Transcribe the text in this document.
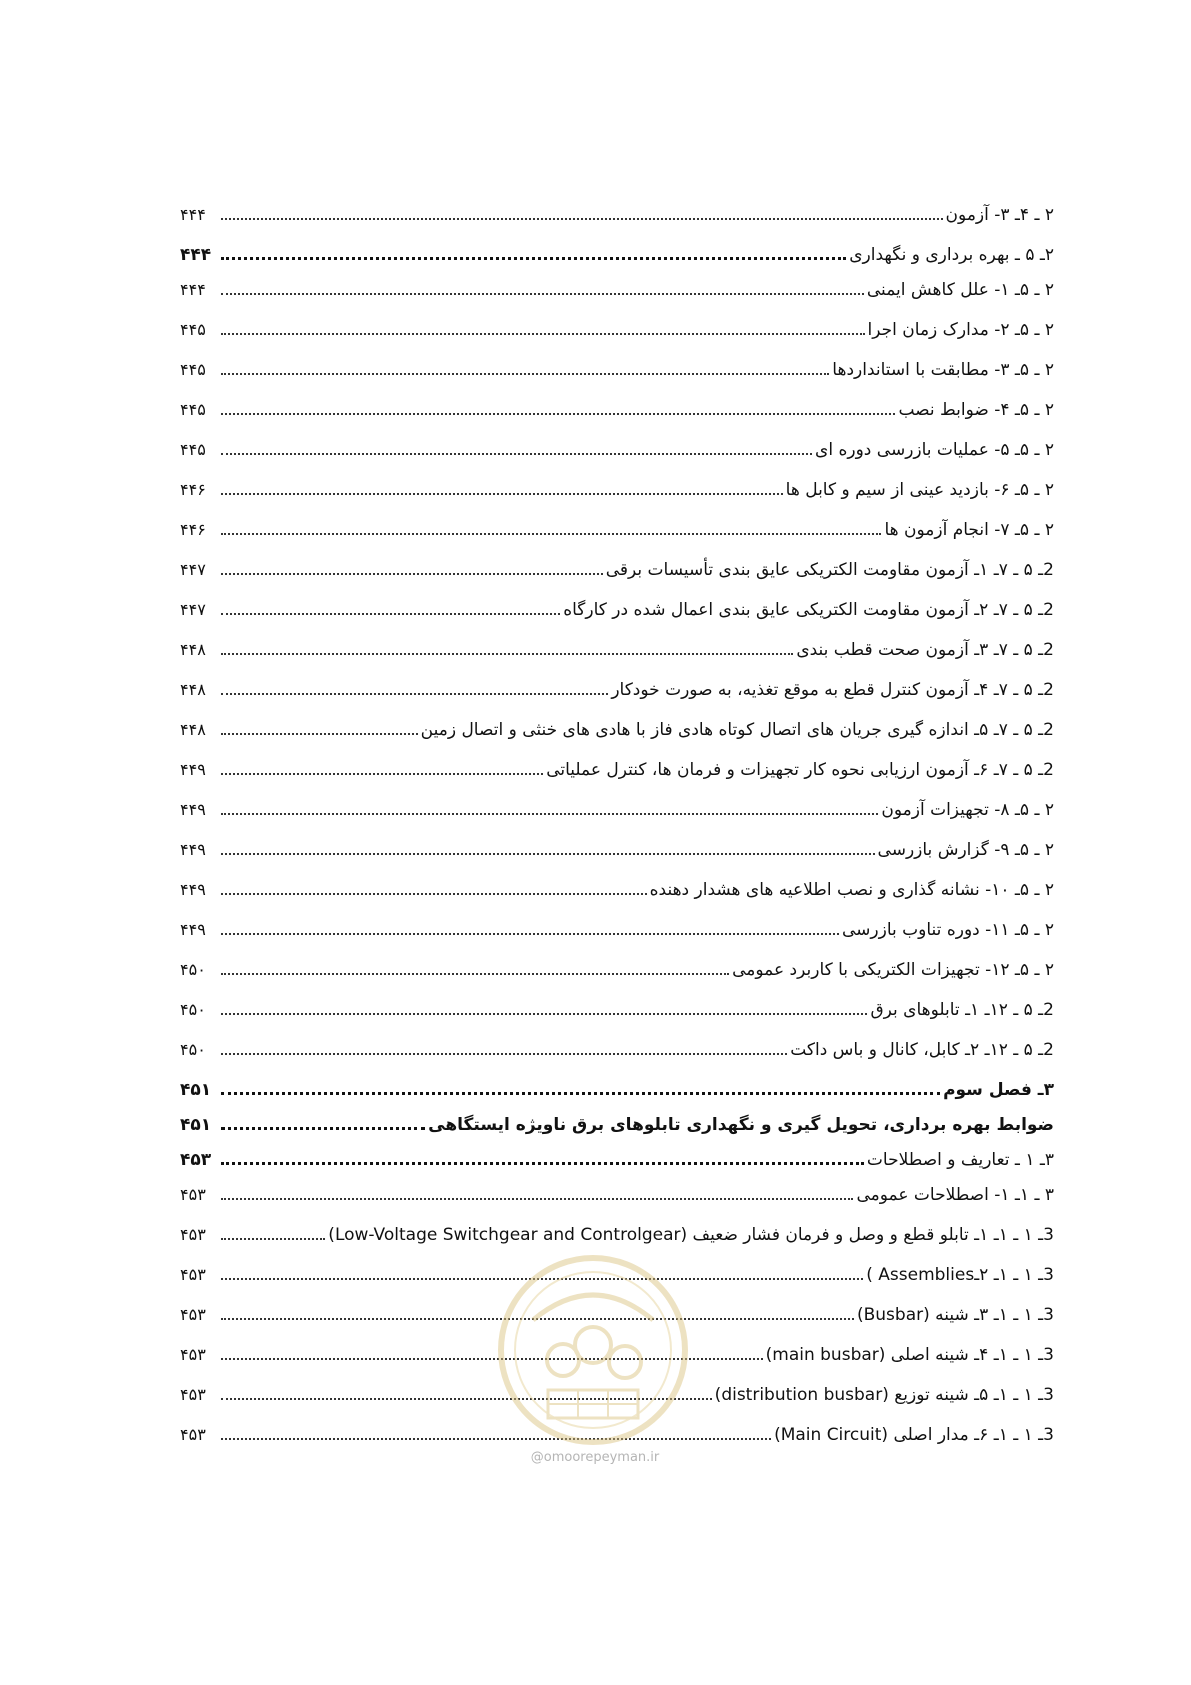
۲ ـ ۴ـ ۳- آزمون
۴۴۴
۲ـ ۵ ـ بهره برداری و نگهداری
۴۴۴
۲ ـ ۵ـ ۱- علل کاهش ایمنی
۴۴۴
۲ ـ ۵ـ ۲- مدارک زمان اجرا
۴۴۵
۲ ـ ۵ـ ۳- مطابقت با استانداردها
۴۴۵
۲ ـ ۵ـ ۴- ضوابط نصب
۴۴۵
۲ ـ ۵ـ ۵- عملیات بازرسی دوره ای
۴۴۵
۲ ـ ۵ـ ۶- بازدید عینی از سیم و کابل ها
۴۴۶
۲ ـ ۵ـ ۷- انجام آزمون ها
۴۴۶
2ـ ۵ ـ ۷ـ ۱ـ آزمون مقاومت الکتریکی عایق بندی تأسیسات برقی
۴۴۷
2ـ ۵ ـ ۷ـ ۲ـ آزمون مقاومت الکتریکی عایق بندی اعمال شده در کارگاه
۴۴۷
2ـ ۵ ـ ۷ـ ۳ـ آزمون صحت قطب بندی
۴۴۸
2ـ ۵ ـ ۷ـ ۴ـ آزمون کنترل قطع به موقع تغذیه، به صورت خودکار
۴۴۸
2ـ ۵ ـ ۷ـ ۵ـ اندازه گیری جریان های اتصال کوتاه هادی فاز با هادی های خنثی و اتصال زمین
۴۴۸
2ـ ۵ ـ ۷ـ ۶ـ آزمون ارزیابی نحوه کار تجهیزات و فرمان ها، کنترل عملیاتی
۴۴۹
۲ ـ ۵ـ ۸- تجهیزات آزمون
۴۴۹
۲ ـ ۵ـ ۹- گزارش بازرسی
۴۴۹
۲ ـ ۵ـ ۱۰- نشانه گذاری و نصب اطلاعیه های هشدار دهنده
۴۴۹
۲ ـ ۵ـ ۱۱- دوره تناوب بازرسی
۴۴۹
۲ ـ ۵ـ ۱۲- تجهیزات الکتریکی با کاربرد عمومی
۴۵۰
2ـ ۵ ـ ۱۲ـ ۱ـ تابلوهای برق
۴۵۰
2ـ ۵ ـ ۱۲ـ ۲ـ کابل، کانال و باس داکت
۴۵۰
۳ـ فصل سوم
۴۵۱
ضوابط بهره برداری، تحویل گیری و نگهداری تابلوهای برق ناویژه ایستگاهی
۴۵۱
۳ـ ۱ ـ تعاریف و اصطلاحات
۴۵۳
۳ ـ ۱ـ ۱- اصطلاحات عمومی
۴۵۳
3ـ ۱ ـ ۱ـ ۱ـ تابلو قطع و وصل و فرمان فشار ضعیف (Low-Voltage Switchgear and Controlgear)
۴۵۳
3ـ ۱ ـ ۱ـ ۲ـAssemblies )
۴۵۳
3ـ ۱ ـ ۱ـ ۳ـ شینه (Busbar)
۴۵۳
3ـ ۱ ـ ۱ـ ۴ـ شینه اصلی (main busbar)
۴۵۳
3ـ ۱ ـ ۱ـ ۵ـ شینه توزیع (distribution busbar)
۴۵۳
3ـ ۱ ـ ۱ـ ۶ـ مدار اصلی (Main Circuit)
۴۵۳
@omoorepeyman.ir
